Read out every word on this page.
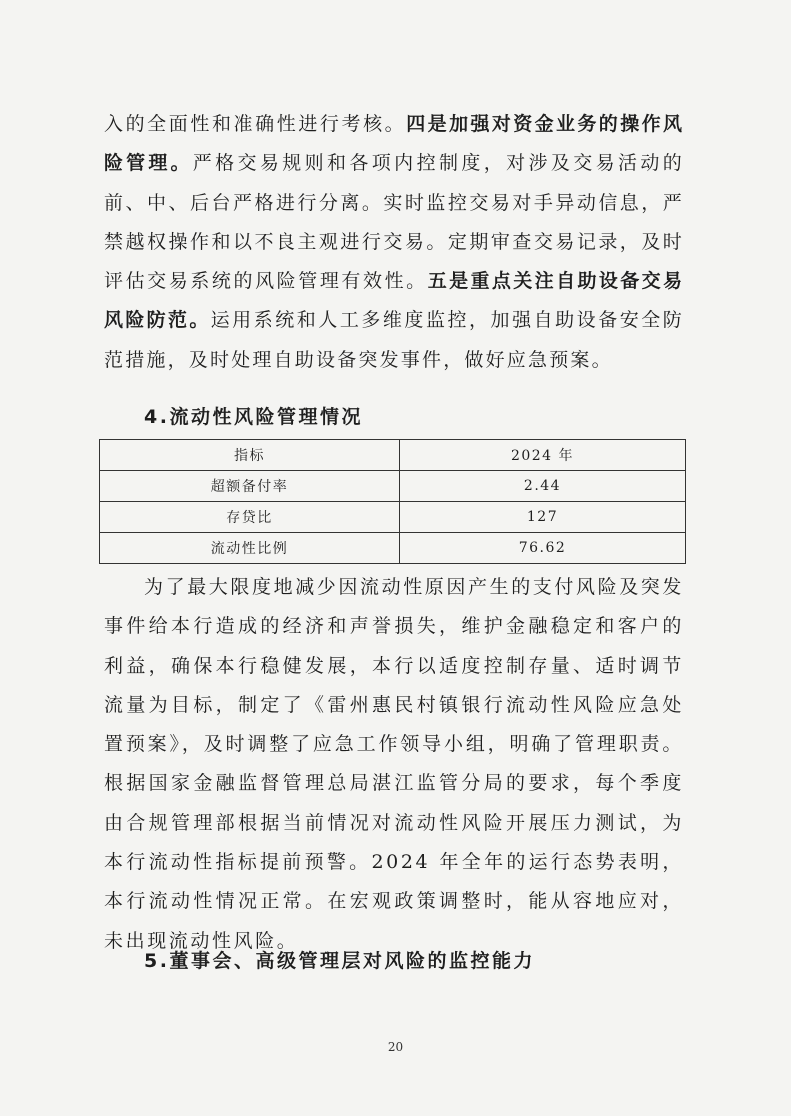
入的全面性和准确性进行考核。四是加强对资金业务的操作风险管理。严格交易规则和各项内控制度，对涉及交易活动的前、中、后台严格进行分离。实时监控交易对手异动信息，严禁越权操作和以不良主观进行交易。定期审查交易记录，及时评估交易系统的风险管理有效性。五是重点关注自助设备交易风险防范。运用系统和人工多维度监控，加强自助设备安全防范措施，及时处理自助设备突发事件，做好应急预案。

4.流动性风险管理情况
指标	2024 年
超额备付率	2.44
存贷比	127
流动性比例	76.62

为了最大限度地减少因流动性原因产生的支付风险及突发事件给本行造成的经济和声誉损失，维护金融稳定和客户的利益，确保本行稳健发展，本行以适度控制存量、适时调节流量为目标，制定了《雷州惠民村镇银行流动性风险应急处置预案》，及时调整了应急工作领导小组，明确了管理职责。根据国家金融监督管理总局湛江监管分局的要求，每个季度由合规管理部根据当前情况对流动性风险开展压力测试，为本行流动性指标提前预警。2024 年全年的运行态势表明，本行流动性情况正常。在宏观政策调整时，能从容地应对，未出现流动性风险。

5.董事会、高级管理层对风险的监控能力
20
